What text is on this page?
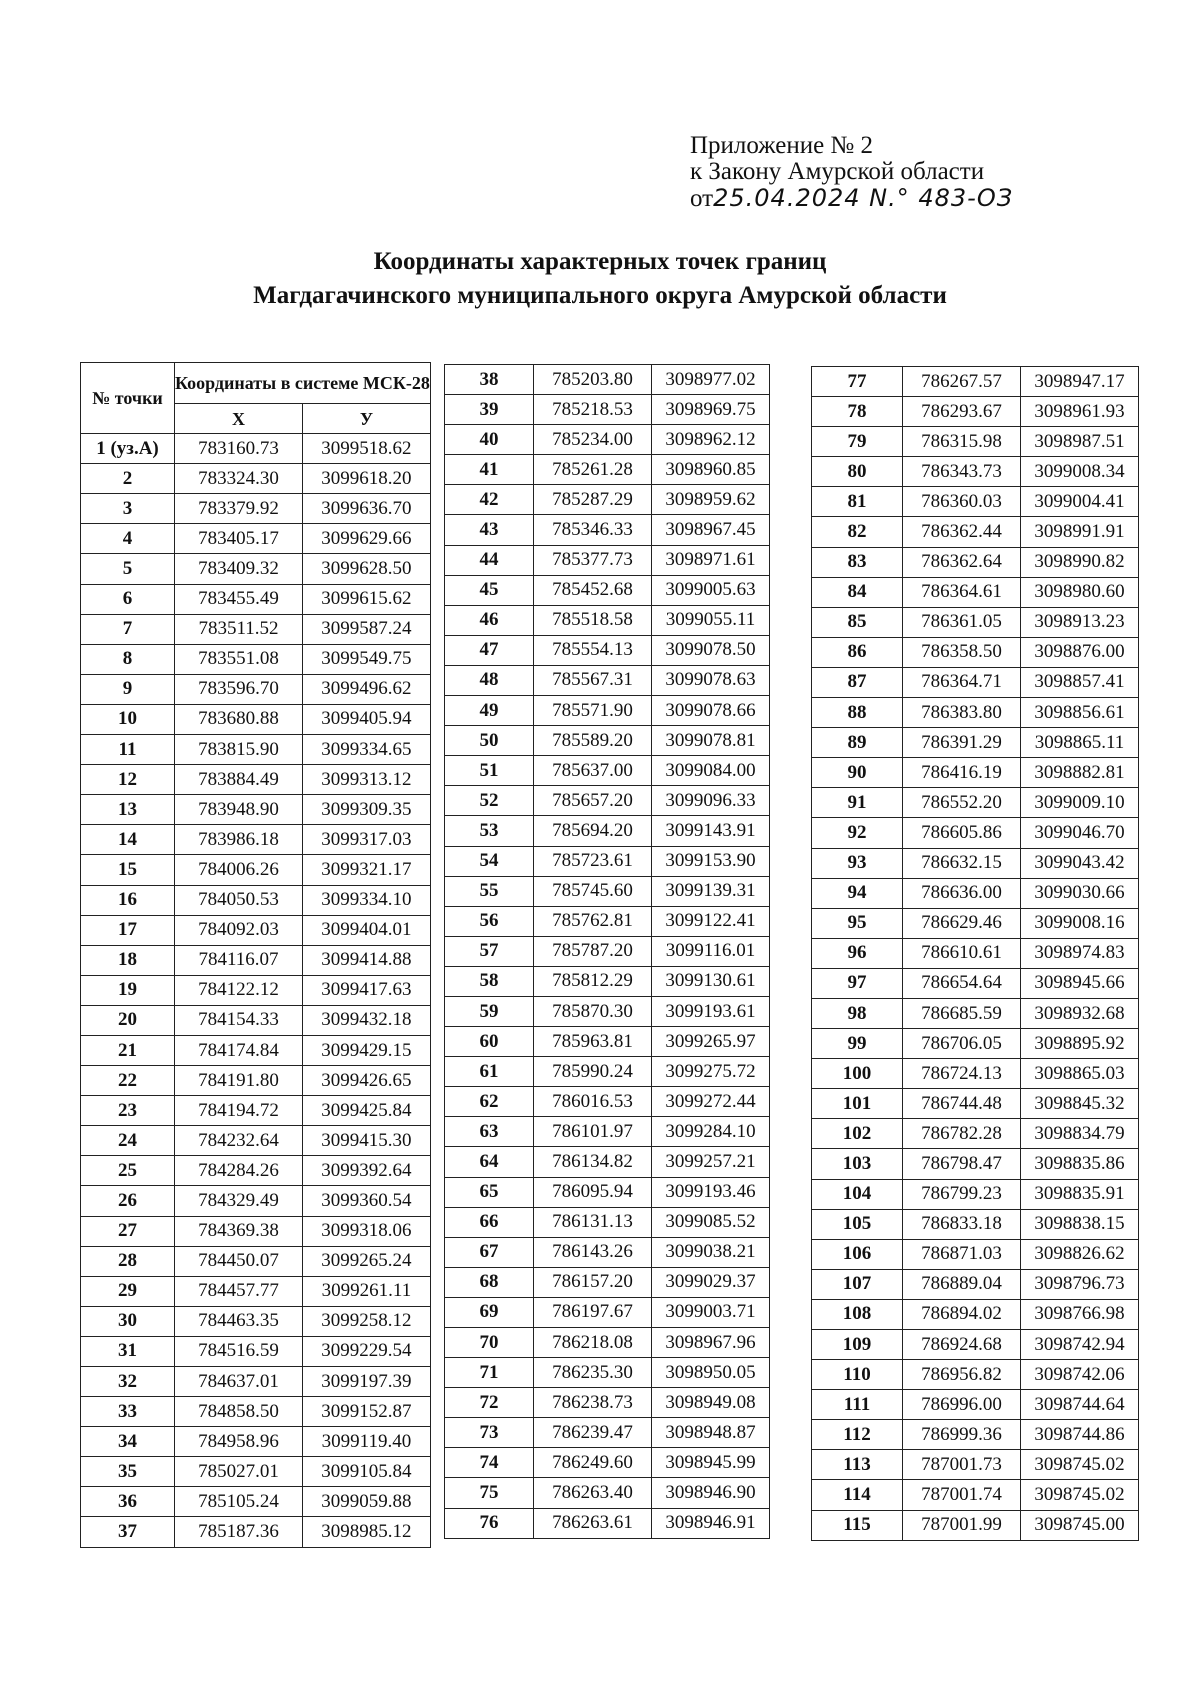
Приложение № 2
к Закону Амурской области
от25.04.2024 N.° 483-ОЗ
Координаты характерных точек границ
Магдагачинского муниципального округа Амурской области
№ точки	Координаты в системе МСК-28	
	X	У
1 (уз.А)	783160.73	3099518.62
2	783324.30	3099618.20
3	783379.92	3099636.70
4	783405.17	3099629.66
5	783409.32	3099628.50
6	783455.49	3099615.62
7	783511.52	3099587.24
8	783551.08	3099549.75
9	783596.70	3099496.62
10	783680.88	3099405.94
11	783815.90	3099334.65
12	783884.49	3099313.12
13	783948.90	3099309.35
14	783986.18	3099317.03
15	784006.26	3099321.17
16	784050.53	3099334.10
17	784092.03	3099404.01
18	784116.07	3099414.88
19	784122.12	3099417.63
20	784154.33	3099432.18
21	784174.84	3099429.15
22	784191.80	3099426.65
23	784194.72	3099425.84
24	784232.64	3099415.30
25	784284.26	3099392.64
26	784329.49	3099360.54
27	784369.38	3099318.06
28	784450.07	3099265.24
29	784457.77	3099261.11
30	784463.35	3099258.12
31	784516.59	3099229.54
32	784637.01	3099197.39
33	784858.50	3099152.87
34	784958.96	3099119.40
35	785027.01	3099105.84
36	785105.24	3099059.88
37	785187.36	3098985.12
38	785203.80	3098977.02
39	785218.53	3098969.75
40	785234.00	3098962.12
41	785261.28	3098960.85
42	785287.29	3098959.62
43	785346.33	3098967.45
44	785377.73	3098971.61
45	785452.68	3099005.63
46	785518.58	3099055.11
47	785554.13	3099078.50
48	785567.31	3099078.63
49	785571.90	3099078.66
50	785589.20	3099078.81
51	785637.00	3099084.00
52	785657.20	3099096.33
53	785694.20	3099143.91
54	785723.61	3099153.90
55	785745.60	3099139.31
56	785762.81	3099122.41
57	785787.20	3099116.01
58	785812.29	3099130.61
59	785870.30	3099193.61
60	785963.81	3099265.97
61	785990.24	3099275.72
62	786016.53	3099272.44
63	786101.97	3099284.10
64	786134.82	3099257.21
65	786095.94	3099193.46
66	786131.13	3099085.52
67	786143.26	3099038.21
68	786157.20	3099029.37
69	786197.67	3099003.71
70	786218.08	3098967.96
71	786235.30	3098950.05
72	786238.73	3098949.08
73	786239.47	3098948.87
74	786249.60	3098945.99
75	786263.40	3098946.90
76	786263.61	3098946.91
77	786267.57	3098947.17
78	786293.67	3098961.93
79	786315.98	3098987.51
80	786343.73	3099008.34
81	786360.03	3099004.41
82	786362.44	3098991.91
83	786362.64	3098990.82
84	786364.61	3098980.60
85	786361.05	3098913.23
86	786358.50	3098876.00
87	786364.71	3098857.41
88	786383.80	3098856.61
89	786391.29	3098865.11
90	786416.19	3098882.81
91	786552.20	3099009.10
92	786605.86	3099046.70
93	786632.15	3099043.42
94	786636.00	3099030.66
95	786629.46	3099008.16
96	786610.61	3098974.83
97	786654.64	3098945.66
98	786685.59	3098932.68
99	786706.05	3098895.92
100	786724.13	3098865.03
101	786744.48	3098845.32
102	786782.28	3098834.79
103	786798.47	3098835.86
104	786799.23	3098835.91
105	786833.18	3098838.15
106	786871.03	3098826.62
107	786889.04	3098796.73
108	786894.02	3098766.98
109	786924.68	3098742.94
110	786956.82	3098742.06
111	786996.00	3098744.64
112	786999.36	3098744.86
113	787001.73	3098745.02
114	787001.74	3098745.02
115	787001.99	3098745.00
